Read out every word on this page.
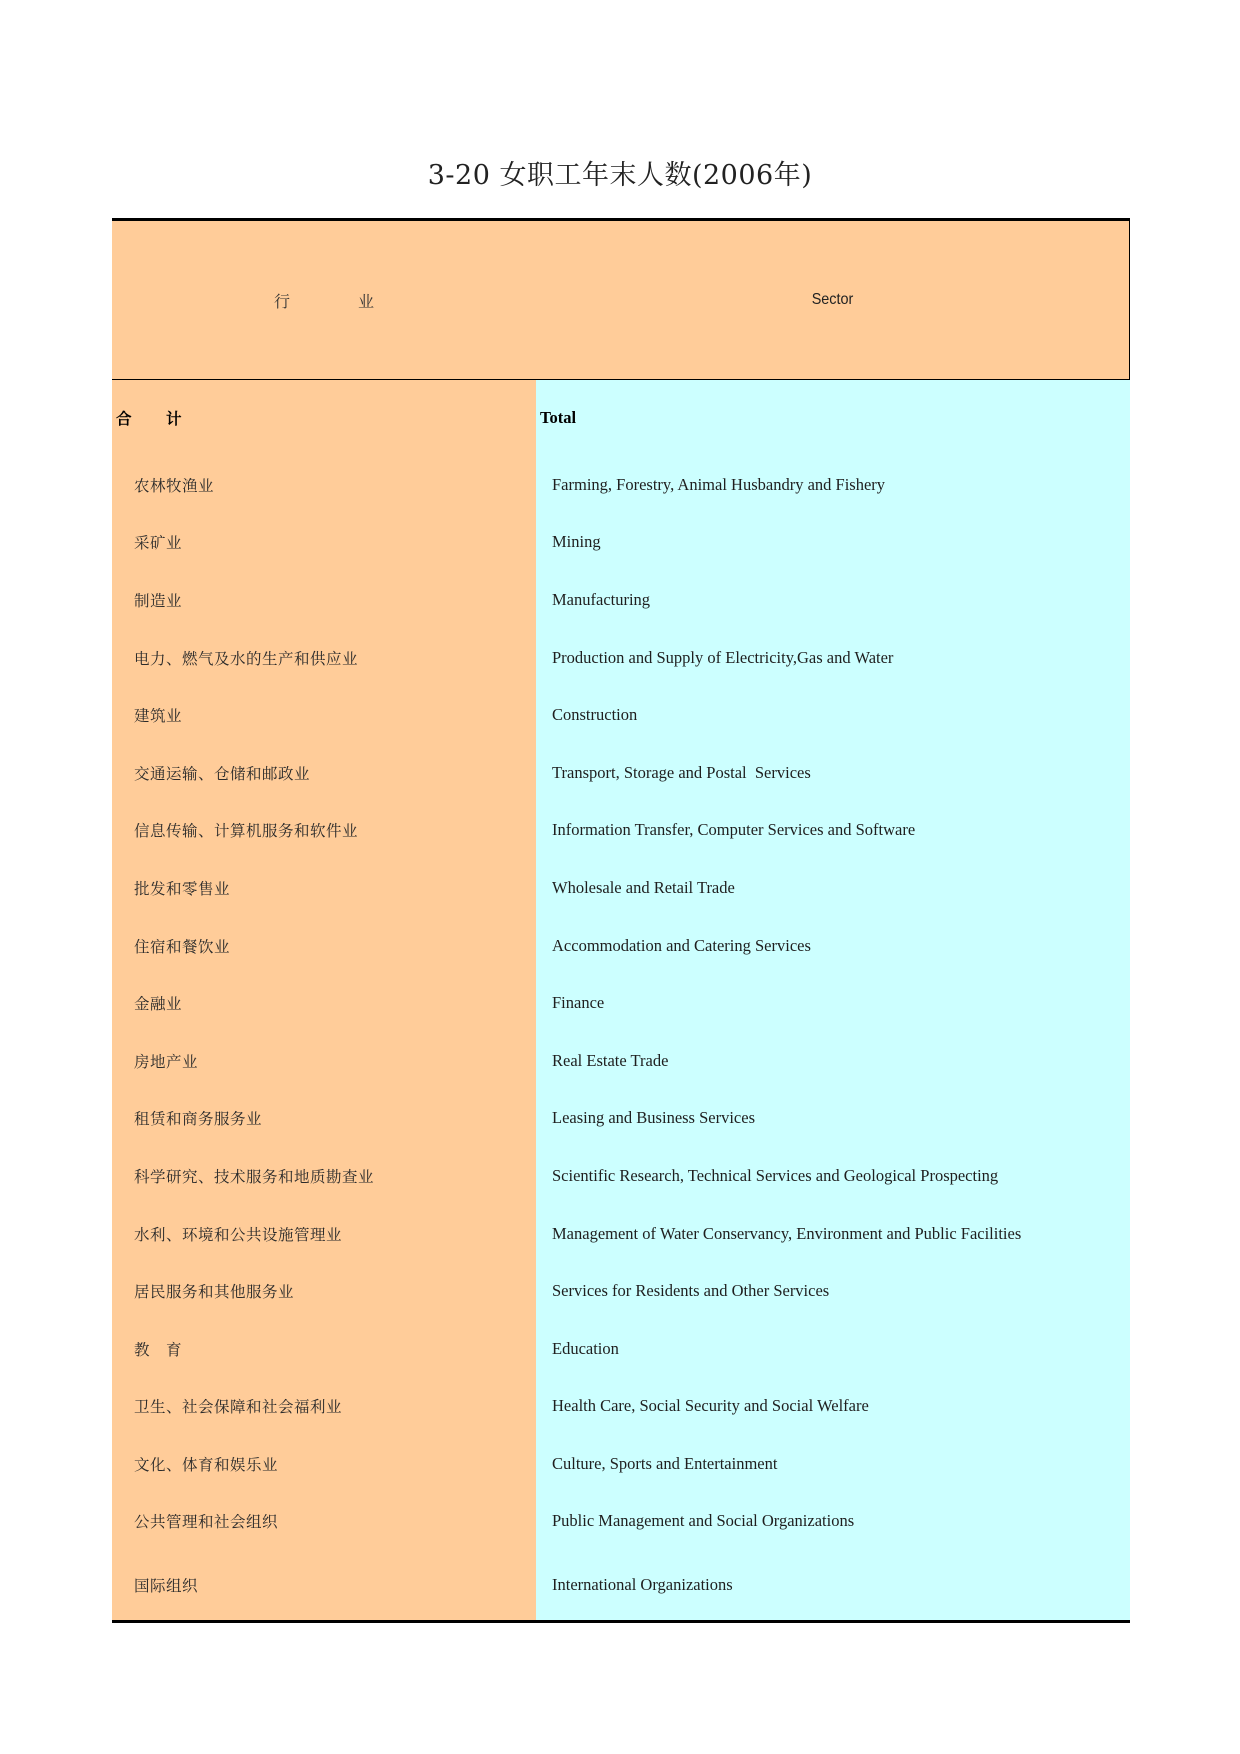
3-20 女职工年末人数(2006年)
行	业	Sector
合 计
农林牧渔业
采矿业
制造业
电力、燃气及水的生产和供应业
建筑业
交通运输、仓储和邮政业
信息传输、计算机服务和软件业
批发和零售业
住宿和餐饮业
金融业
房地产业
租赁和商务服务业
科学研究、技术服务和地质勘查业
水利、环境和公共设施管理业
居民服务和其他服务业
教　育
卫生、社会保障和社会福利业
文化、体育和娱乐业
公共管理和社会组织
国际组织
Total
Farming, Forestry, Animal Husbandry and Fishery
Mining
Manufacturing
Production and Supply of Electricity,Gas and Water
Construction
Transport, Storage and Postal  Services
Information Transfer, Computer Services and Software
Wholesale and Retail Trade
Accommodation and Catering Services
Finance
Real Estate Trade
Leasing and Business Services
Scientific Research, Technical Services and Geological Prospecting
Management of Water Conservancy, Environment and Public Facilities
Services for Residents and Other Services
Education
Health Care, Social Security and Social Welfare
Culture, Sports and Entertainment
Public Management and Social Organizations
International Organizations
